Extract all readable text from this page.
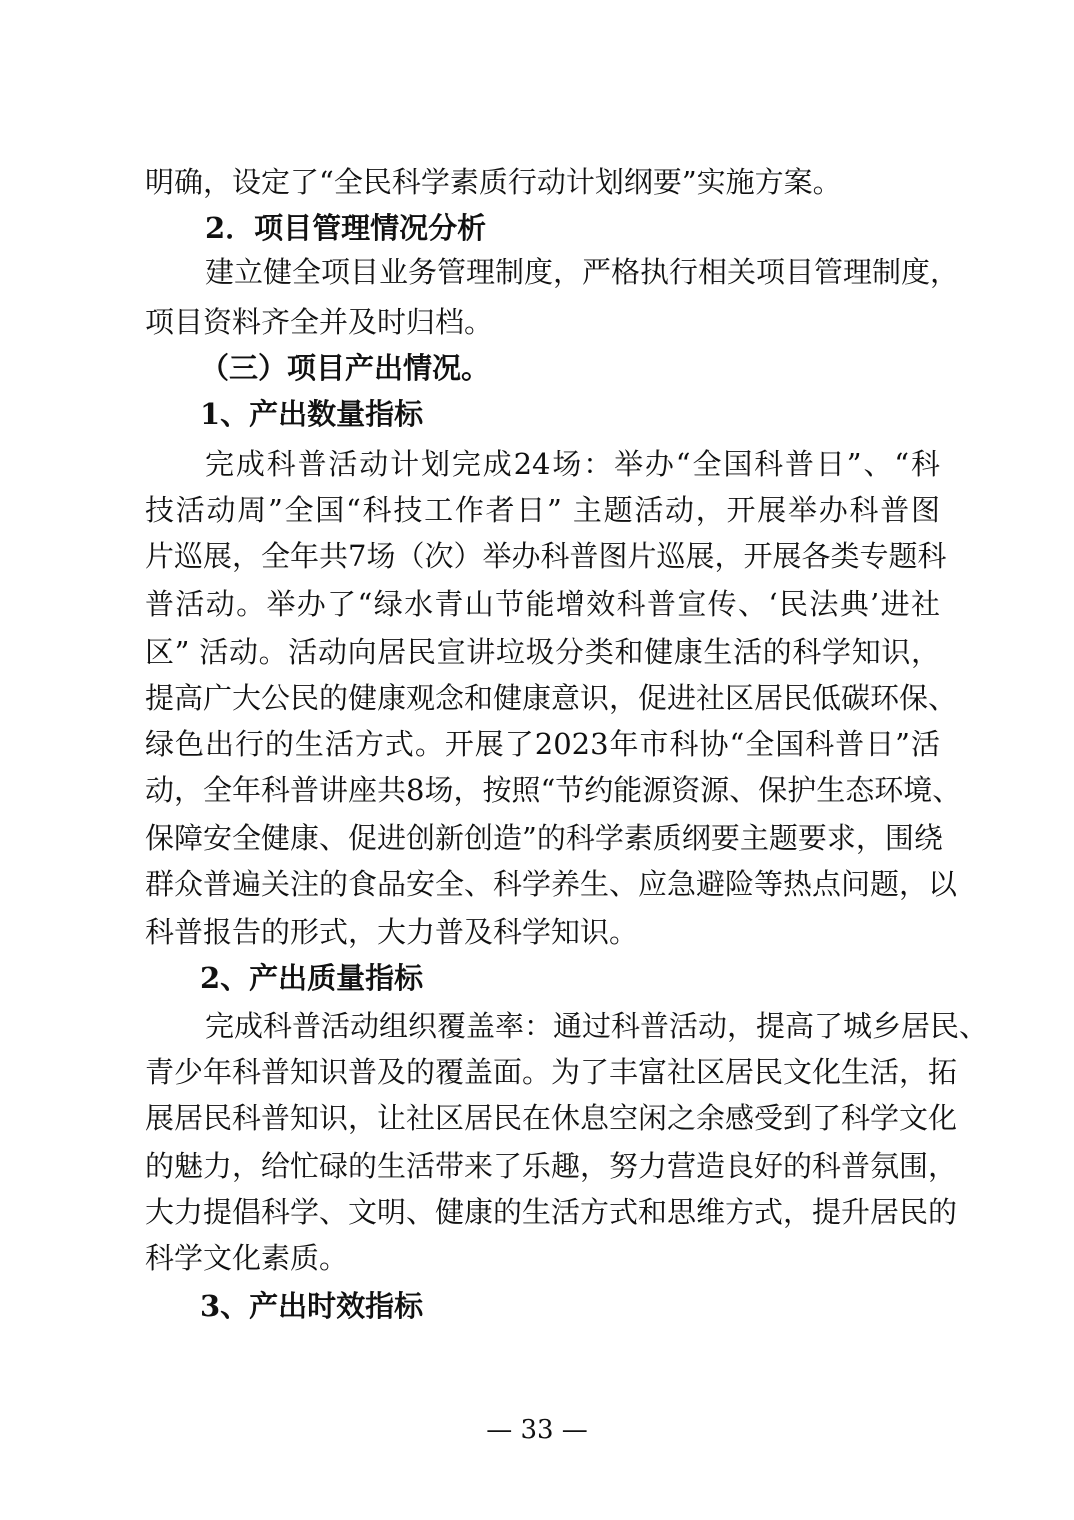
明确，设定了“全民科学素质行动计划纲要”实施方案。
2．项目管理情况分析
建立健全项目业务管理制度，严格执行相关项目管理制度，
项目资料齐全并及时归档。
（三）项目产出情况。
1、产出数量指标
完成科普活动计划完成24场：举办“全国科普日”、“科
技活动周”全国“科技工作者日” 主题活动，开展举办科普图
片巡展，全年共7场（次）举办科普图片巡展，开展各类专题科
普活动。举办了“绿水青山节能增效科普宣传、‘民法典’进社
区” 活动。活动向居民宣讲垃圾分类和健康生活的科学知识，
提高广大公民的健康观念和健康意识，促进社区居民低碳环保、
绿色出行的生活方式。开展了2023年市科协“全国科普日”活
动，全年科普讲座共8场，按照“节约能源资源、保护生态环境、
保障安全健康、促进创新创造”的科学素质纲要主题要求，围绕
群众普遍关注的食品安全、科学养生、应急避险等热点问题，以
科普报告的形式，大力普及科学知识。
2、产出质量指标
完成科普活动组织覆盖率：通过科普活动，提高了城乡居民、
青少年科普知识普及的覆盖面。为了丰富社区居民文化生活，拓
展居民科普知识，让社区居民在休息空闲之余感受到了科学文化
的魅力，给忙碌的生活带来了乐趣，努力营造良好的科普氛围，
大力提倡科学、文明、健康的生活方式和思维方式，提升居民的
科学文化素质。
3、产出时效指标
— 33 —
